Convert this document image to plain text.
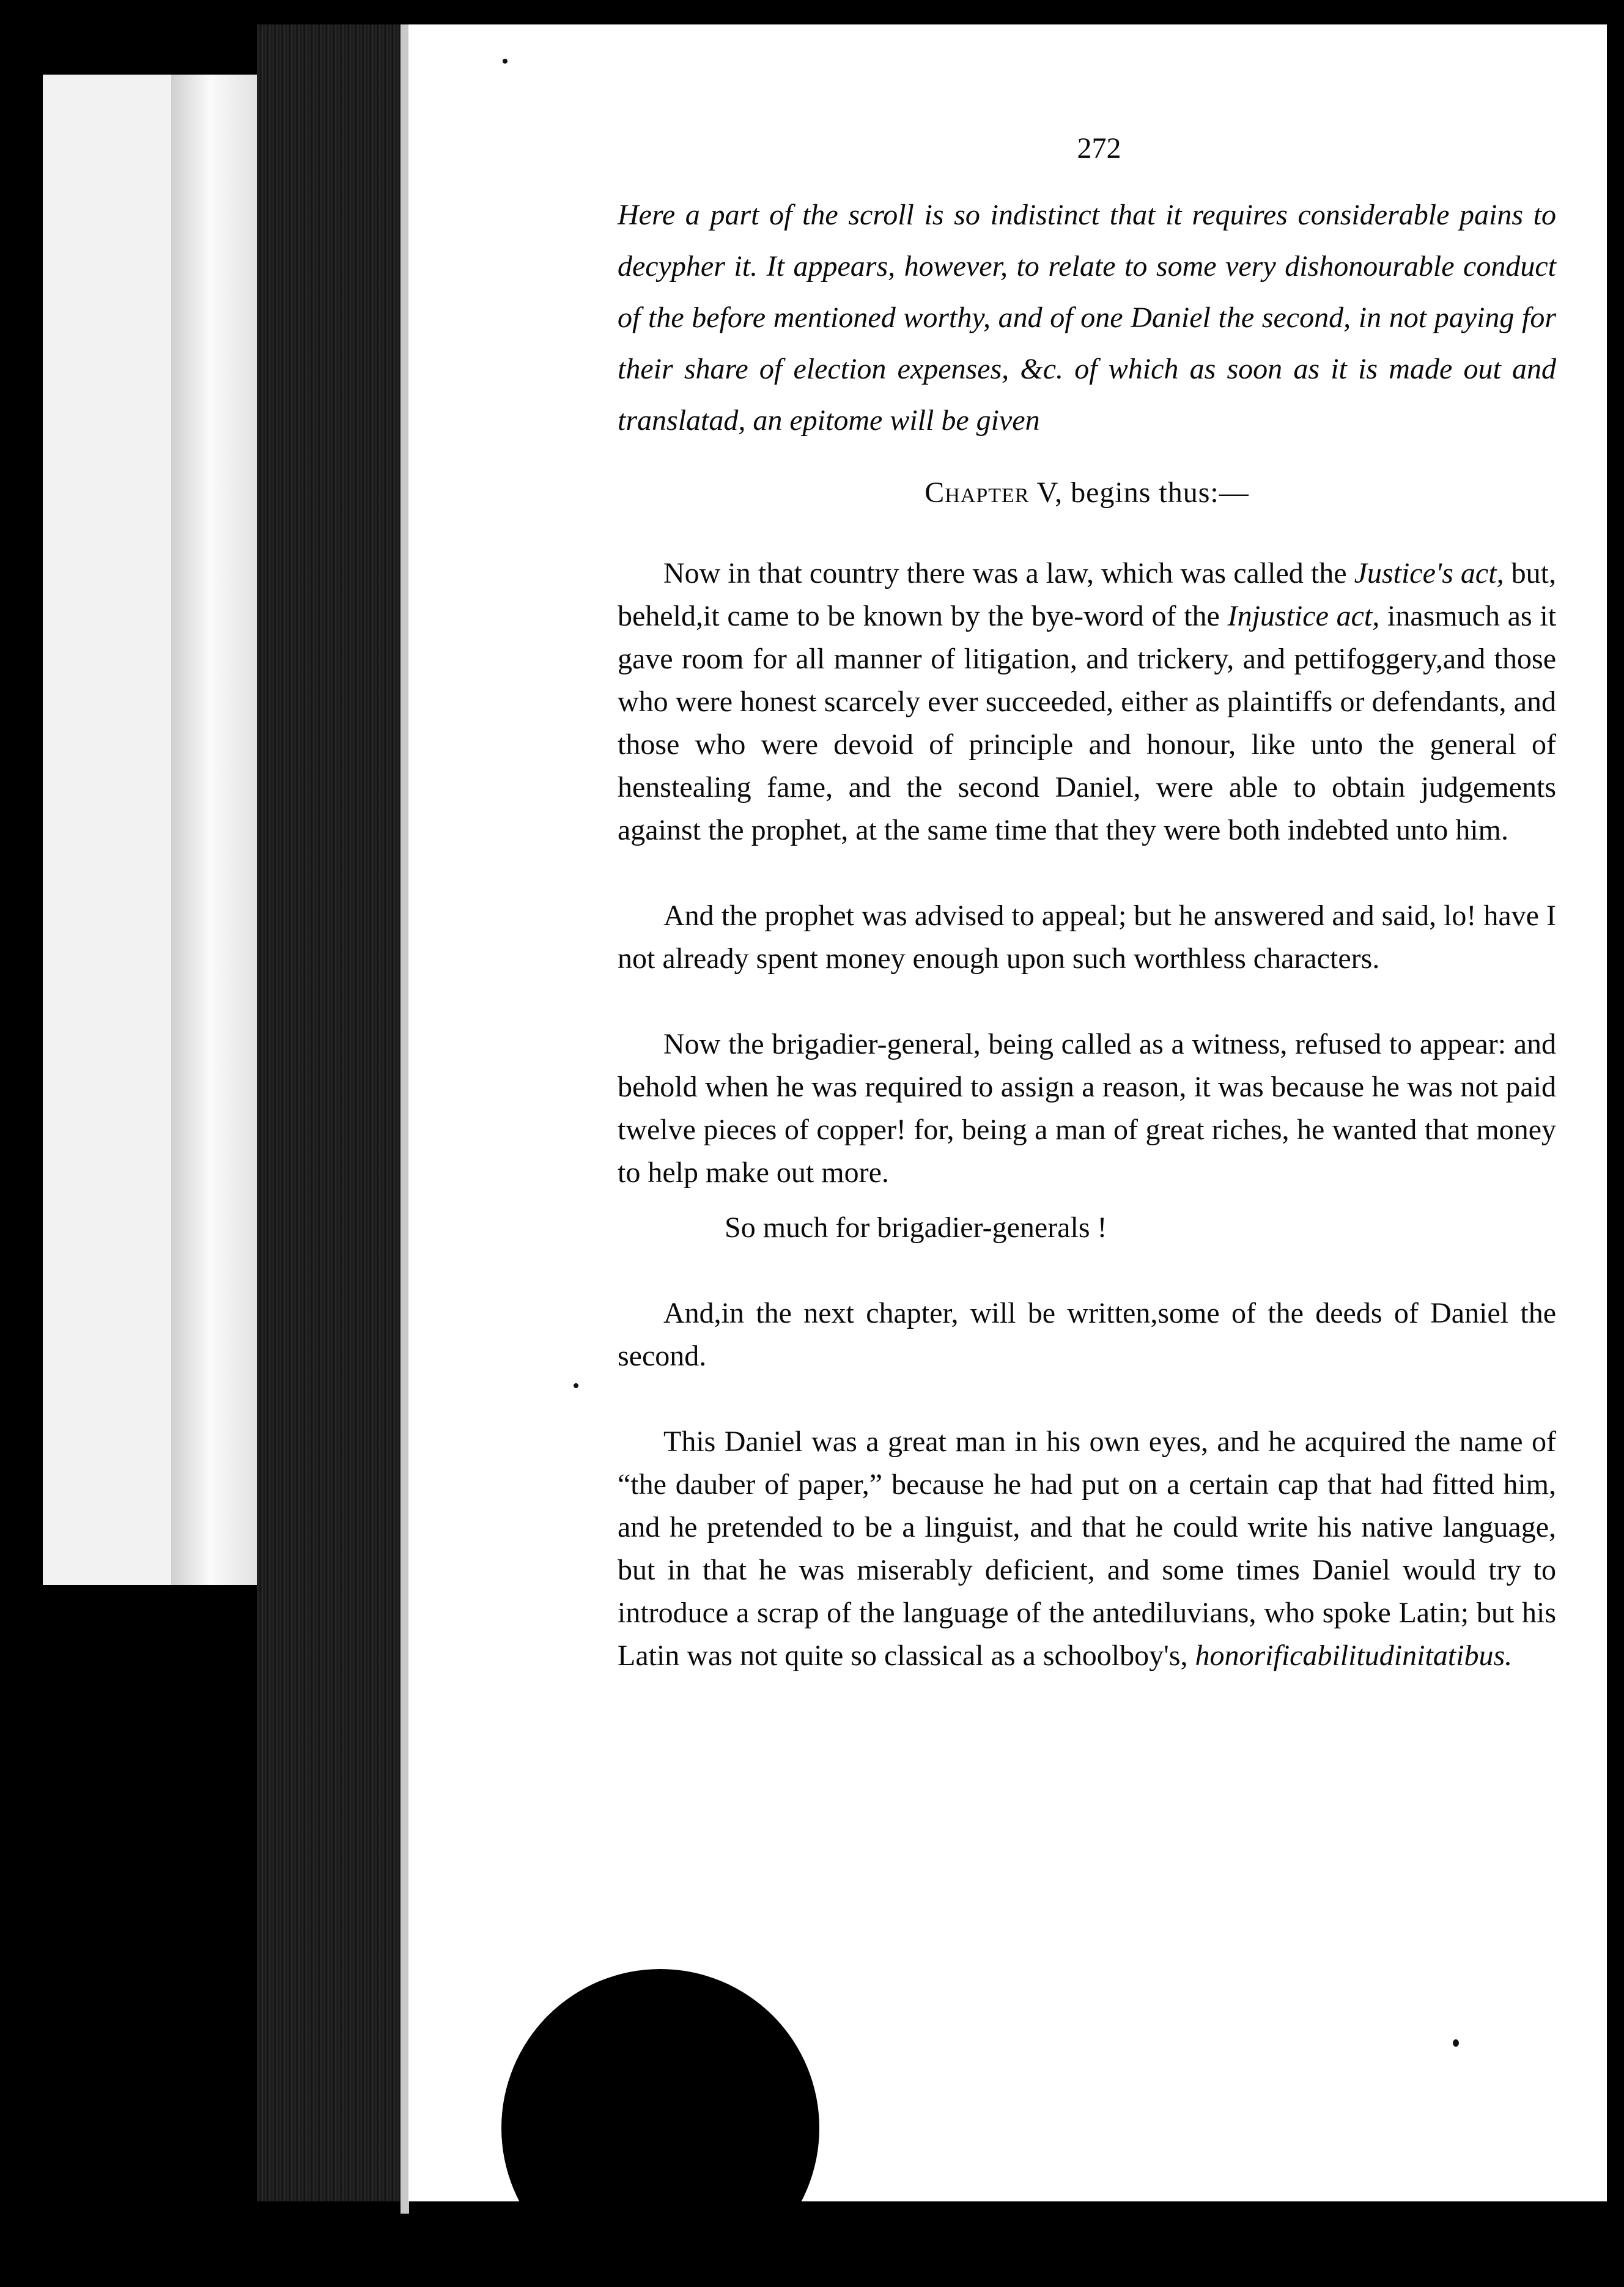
272

Here a part of the scroll is so indistinct that it requires considerable pains to decypher it. It appears, however, to relate to some very dishonourable conduct of the before mentioned worthy, and of one Daniel the second, in not paying for their share of election expenses, &c. of which as soon as it is made out and translatad, an epitome will be given

Chapter V, begins thus:—

Now in that country there was a law, which was called the Justice's act, but, beheld,it came to be known by the bye-word of the Injustice act, inasmuch as it gave room for all manner of litigation, and trickery, and pettifoggery,and those who were honest scarcely ever succeeded, either as plaintiffs or defendants, and those who were devoid of principle and honour, like unto the general of henstealing fame, and the second Daniel, were able to obtain judgements against the prophet, at the same time that they were both indebted unto him.

And the prophet was advised to appeal; but he answered and said, lo! have I not already spent money enough upon such worthless characters.

Now the brigadier-general, being called as a witness, refused to appear: and behold when he was required to assign a reason, it was because he was not paid twelve pieces of copper! for, being a man of great riches, he wanted that money to help make out more.

So much for brigadier-generals !

And,in the next chapter, will be written,some of the deeds of Daniel the second.

This Daniel was a great man in his own eyes, and he acquired the name of “the dauber of paper,” because he had put on a certain cap that had fitted him, and he pretended to be a linguist, and that he could write his native language, but in that he was miserably deficient, and some times Daniel would try to introduce a scrap of the language of the antediluvians, who spoke Latin; but his Latin was not quite so classical as a schoolboy's, honorificabilitudinitatibus.
